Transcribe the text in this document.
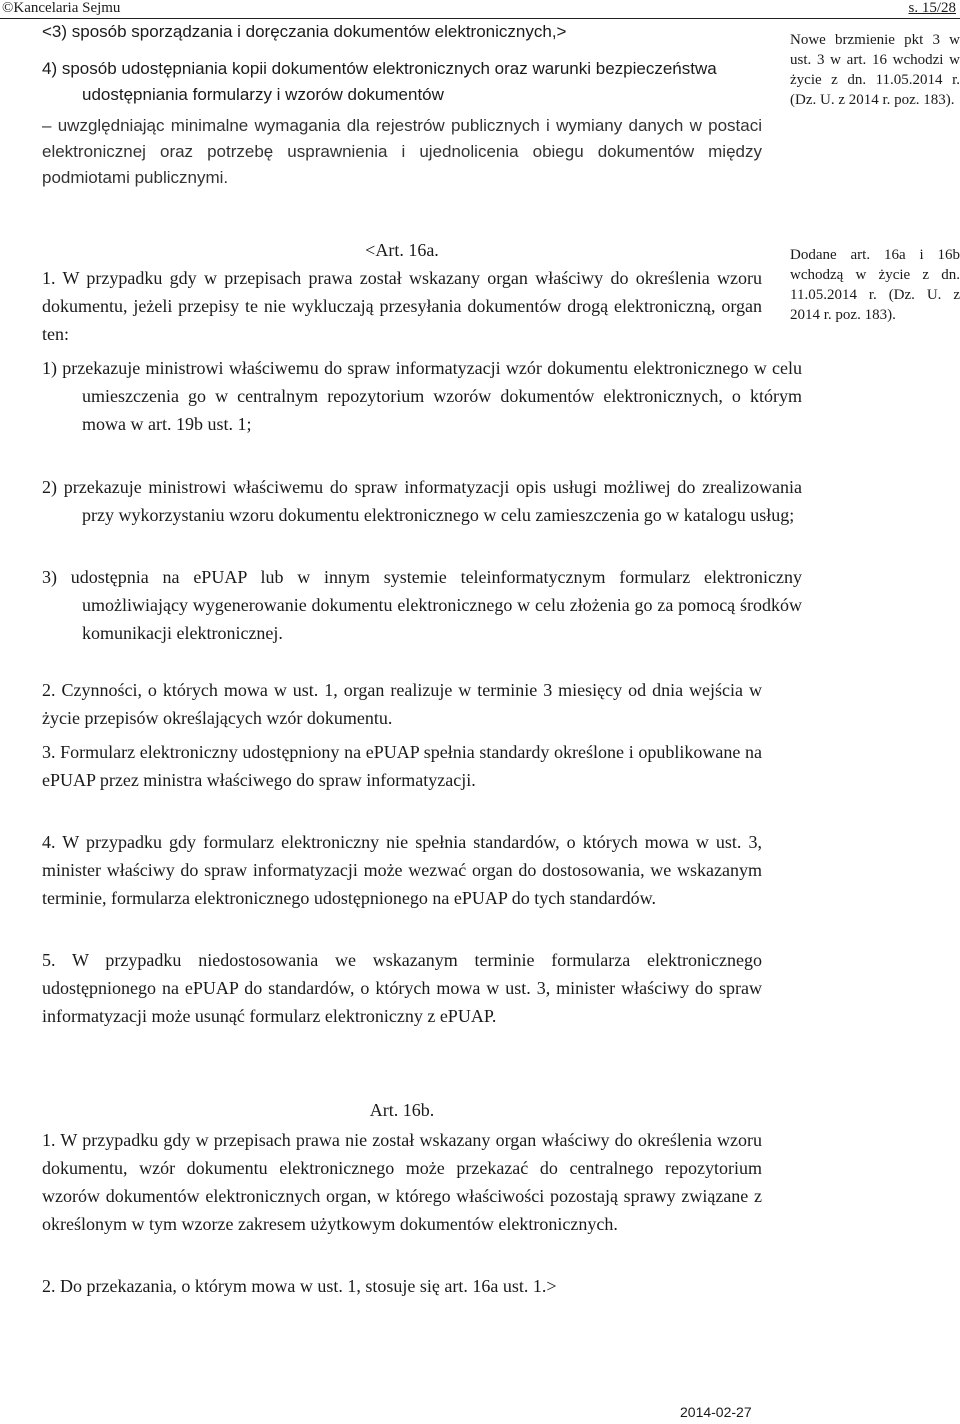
©Kancelaria Sejmu	s. 15/28
<3) sposób sporządzania i doręczania dokumentów elektronicznych,>

4) sposób udostępniania kopii dokumentów elektronicznych oraz warunki bezpieczeństwa udostępniania formularzy i wzorów dokumentów

– uwzględniając minimalne wymagania dla rejestrów publicznych i wymiany danych w postaci elektronicznej oraz potrzebę usprawnienia i ujednolicenia obiegu dokumentów między podmiotami publicznymi.
Nowe brzmienie pkt 3 w ust. 3 w art. 16 wchodzi w życie z dn. 11.05.2014 r. (Dz. U. z 2014 r. poz. 183).
Dodane art. 16a i 16b wchodzą w życie z dn. 11.05.2014 r. (Dz. U. z 2014 r. poz. 183).
<Art. 16a.

1. W przypadku gdy w przepisach prawa został wskazany organ właściwy do określenia wzoru dokumentu, jeżeli przepisy te nie wykluczają przesyłania dokumentów drogą elektroniczną, organ ten:

1) przekazuje ministrowi właściwemu do spraw informatyzacji wzór dokumentu elektronicznego w celu umieszczenia go w centralnym repozytorium wzorów dokumentów elektronicznych, o którym mowa w art. 19b ust. 1;

2) przekazuje ministrowi właściwemu do spraw informatyzacji opis usługi możliwej do zrealizowania przy wykorzystaniu wzoru dokumentu elektronicznego w celu zamieszczenia go w katalogu usług;

3) udostępnia na ePUAP lub w innym systemie teleinformatycznym formularz elektroniczny umożliwiający wygenerowanie dokumentu elektronicznego w celu złożenia go za pomocą środków komunikacji elektronicznej.

2. Czynności, o których mowa w ust. 1, organ realizuje w terminie 3 miesięcy od dnia wejścia w życie przepisów określających wzór dokumentu.

3. Formularz elektroniczny udostępniony na ePUAP spełnia standardy określone i opublikowane na ePUAP przez ministra właściwego do spraw informatyzacji.

4. W przypadku gdy formularz elektroniczny nie spełnia standardów, o których mowa w ust. 3, minister właściwy do spraw informatyzacji może wezwać organ do dostosowania, we wskazanym terminie, formularza elektronicznego udostępnionego na ePUAP do tych standardów.

5. W przypadku niedostosowania we wskazanym terminie formularza elektronicznego udostępnionego na ePUAP do standardów, o których mowa w ust. 3, minister właściwy do spraw informatyzacji może usunąć formularz elektroniczny z ePUAP.

Art. 16b.

1. W przypadku gdy w przepisach prawa nie został wskazany organ właściwy do określenia wzoru dokumentu, wzór dokumentu elektronicznego może przekazać do centralnego repozytorium wzorów dokumentów elektronicznych organ, w którego właściwości pozostają sprawy związane z określonym w tym wzorze zakresem użytkowym dokumentów elektronicznych.

2. Do przekazania, o którym mowa w ust. 1, stosuje się art. 16a ust. 1.>

2014-02-27
